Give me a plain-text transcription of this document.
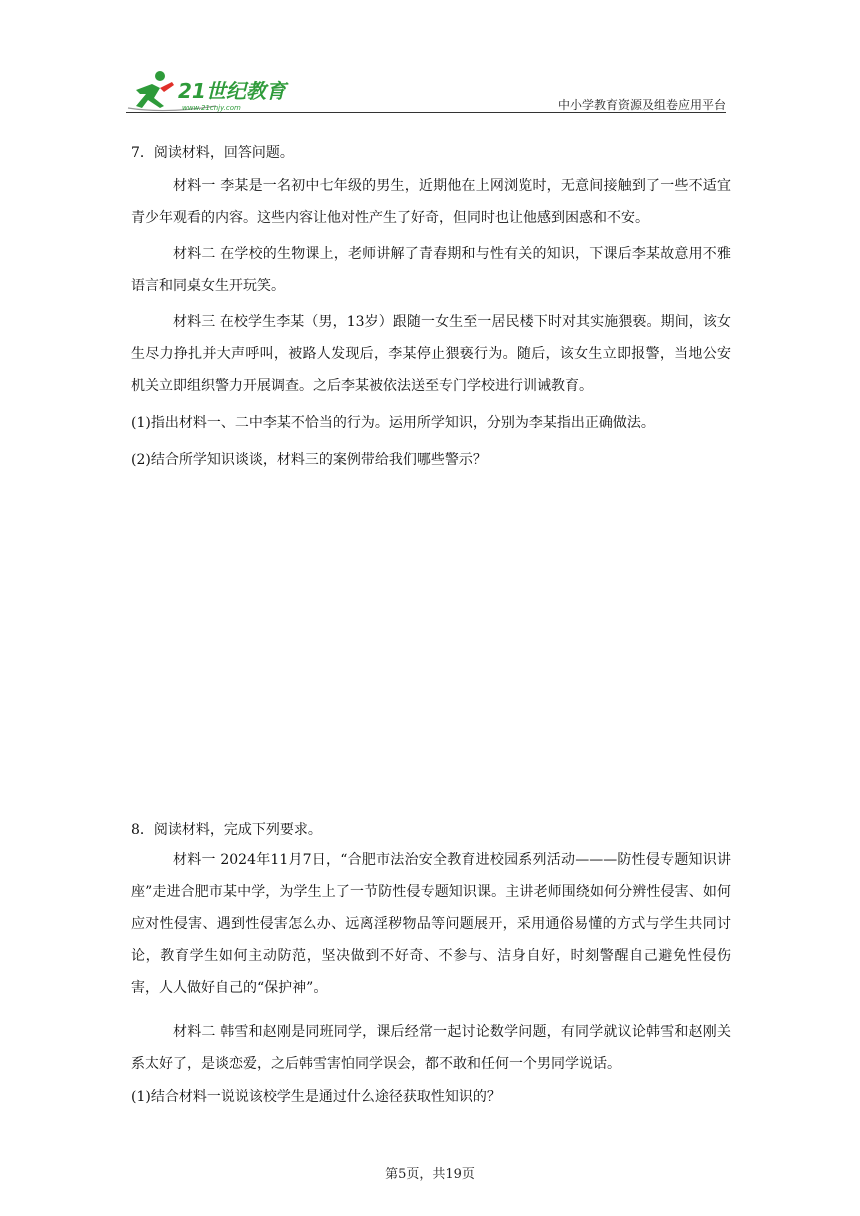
21世纪教育
www.21cnjy.com	中小学教育资源及组卷应用平台
7．阅读材料，回答问题。

材料一 李某是一名初中七年级的男生，近期他在上网浏览时，无意间接触到了一些不适宜青少年观看的内容。这些内容让他对性产生了好奇，但同时也让他感到困惑和不安。

材料二 在学校的生物课上，老师讲解了青春期和与性有关的知识，下课后李某故意用不雅语言和同桌女生开玩笑。

材料三 在校学生李某（男，13岁）跟随一女生至一居民楼下时对其实施猥亵。期间，该女生尽力挣扎并大声呼叫，被路人发现后，李某停止猥亵行为。随后，该女生立即报警，当地公安机关立即组织警力开展调查。之后李某被依法送至专门学校进行训诫教育。

(1)指出材料一、二中李某不恰当的行为。运用所学知识，分别为李某指出正确做法。
(2)结合所学知识谈谈，材料三的案例带给我们哪些警示？
8．阅读材料，完成下列要求。

材料一 2024年11月7日，“合肥市法治安全教育进校园系列活动———防性侵专题知识讲座”走进合肥市某中学，为学生上了一节防性侵专题知识课。主讲老师围绕如何分辨性侵害、如何应对性侵害、遇到性侵害怎么办、远离淫秽物品等问题展开，采用通俗易懂的方式与学生共同讨论，教育学生如何主动防范，坚决做到不好奇、不参与、洁身自好，时刻警醒自己避免性侵伤害，人人做好自己的“保护神”。

材料二 韩雪和赵刚是同班同学，课后经常一起讨论数学问题，有同学就议论韩雪和赵刚关系太好了，是谈恋爱，之后韩雪害怕同学误会，都不敢和任何一个男同学说话。

(1)结合材料一说说该校学生是通过什么途径获取性知识的？
第5页，共19页
